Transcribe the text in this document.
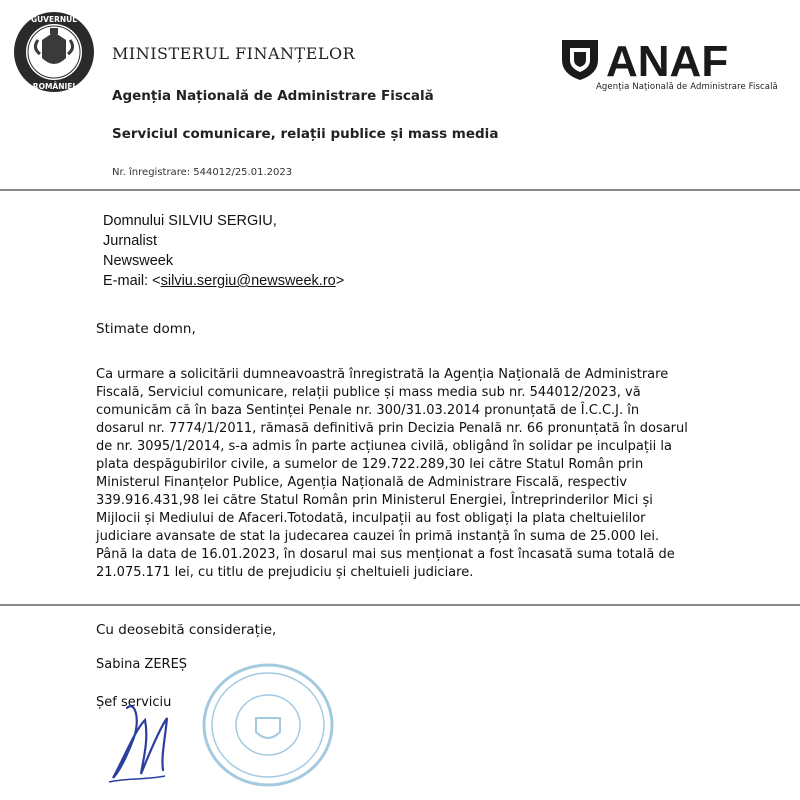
GUVERNUL
ROMÂNIEI
MINISTERUL FINANȚELOR
Agenția Națională de Administrare Fiscală
ANAF
Agenția Națională de Administrare Fiscală
Serviciul comunicare, relații publice și mass media
Nr. înregistrare: 544012/25.01.2023
Domnului SILVIU SERGIU,
Jurnalist
Newsweek
E-mail: <silviu.sergiu@newsweek.ro>
Stimate domn,
Ca urmare a solicitării dumneavoastră înregistrată la Agenția Națională de Administrare
Fiscală, Serviciul comunicare, relații publice și mass media sub nr. 544012/2023, vă
comunicăm că în baza Sentinței Penale nr. 300/31.03.2014 pronunțată de Î.C.C.J. în
dosarul nr. 7774/1/2011, rămasă definitivă prin Decizia Penală nr. 66 pronunțată în dosarul
de nr. 3095/1/2014, s-a admis în parte acțiunea civilă, obligând în solidar pe inculpații la
plata despăgubirilor civile, a sumelor de 129.722.289,30 lei către Statul Român prin
Ministerul Finanțelor Publice, Agenția Națională de Administrare Fiscală, respectiv
339.916.431,98 lei către Statul Român prin Ministerul Energiei, Întreprinderilor Mici și
Mijlocii și Mediului de Afaceri.Totodată, inculpații au fost obligați la plata cheltuielilor
judiciare avansate de stat la judecarea cauzei în primă instanță în suma de 25.000 lei.
Până la data de 16.01.2023, în dosarul mai sus menționat a fost încasată suma totală de
21.075.171 lei, cu titlu de prejudiciu și cheltuieli judiciare.
Cu deosebită considerație,
Sabina ZEREȘ
Șef serviciu
